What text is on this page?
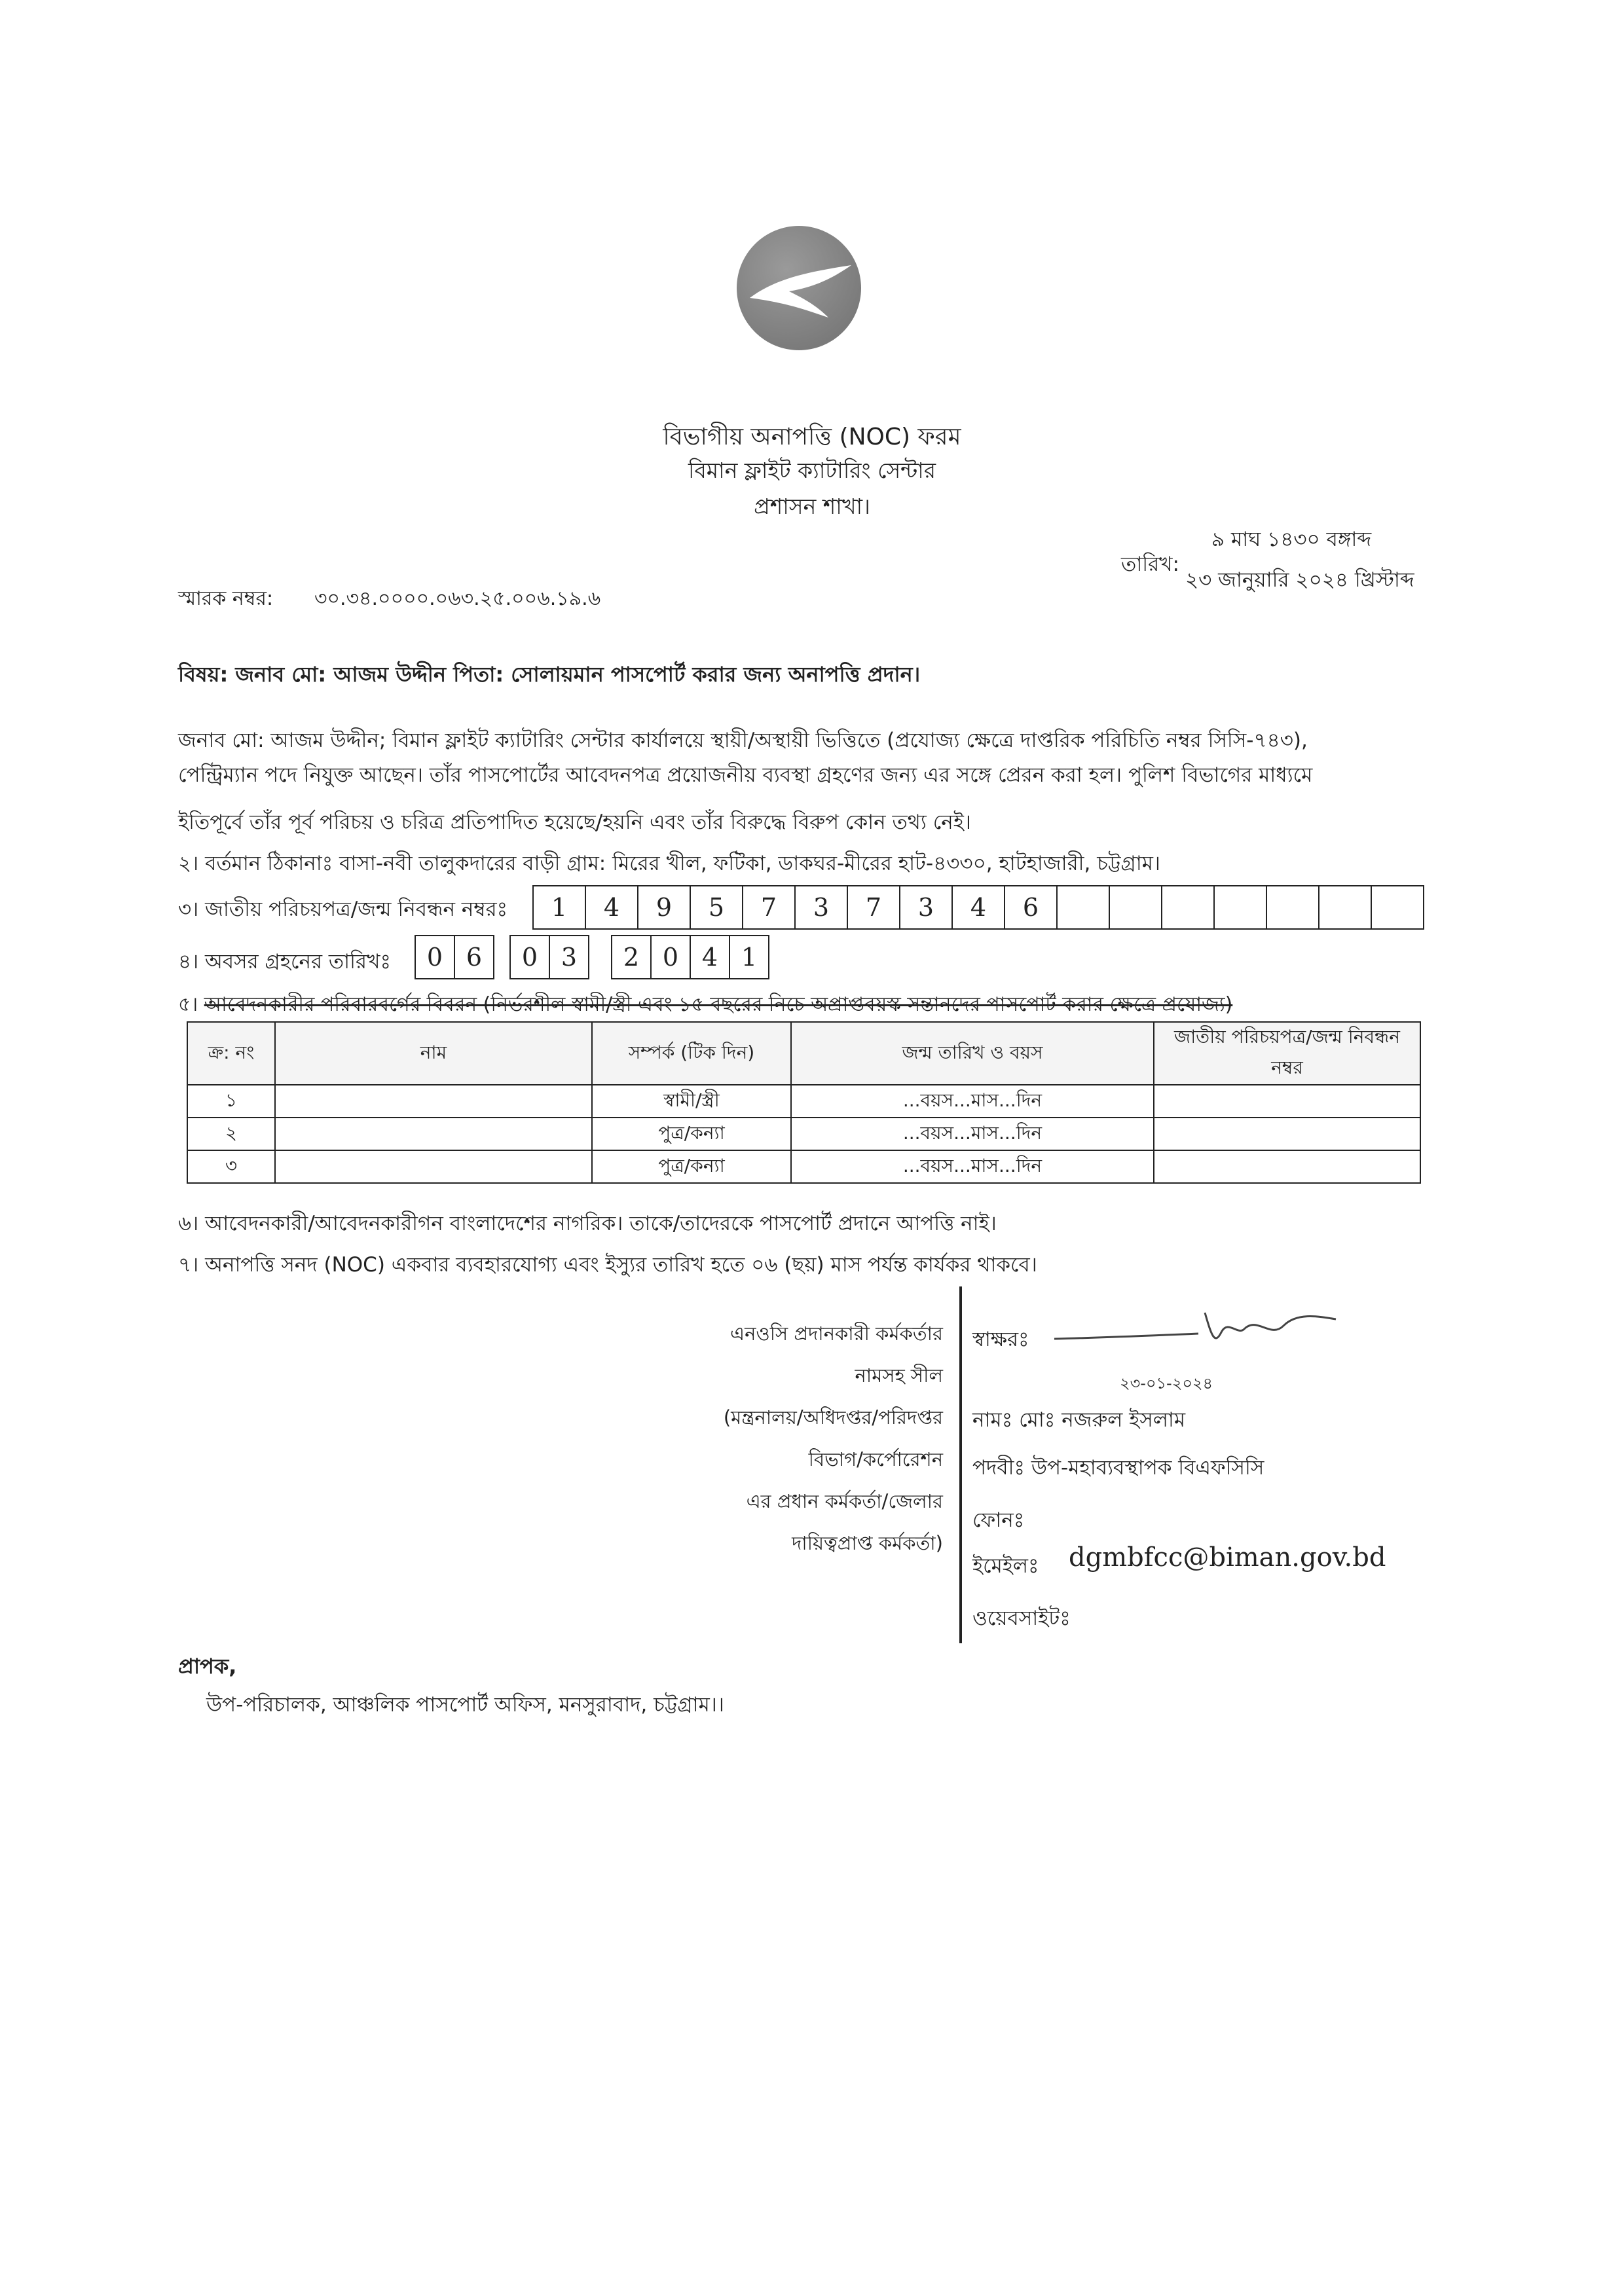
বিভাগীয় অনাপত্তি (NOC) ফরম
বিমান ফ্লাইট ক্যাটারিং সেন্টার
প্রশাসন শাখা।
৯ মাঘ ১৪৩০ বঙ্গাব্দ
তারিখ:
২৩ জানুয়ারি ২০২৪ খ্রিস্টাব্দ
স্মারক নম্বর: ৩০.৩৪.০০০০.০৬৩.২৫.০০৬.১৯.৬
বিষয়: জনাব মো: আজম উদ্দীন পিতা: সোলায়মান পাসপোর্ট করার জন্য অনাপত্তি প্রদান।
জনাব মো: আজম উদ্দীন; বিমান ফ্লাইট ক্যাটারিং সেন্টার কার্যালয়ে স্থায়ী/অস্থায়ী ভিত্তিতে (প্রযোজ্য ক্ষেত্রে দাপ্তরিক পরিচিতি নম্বর সিসি-৭৪৩),
পেন্ট্রিম্যান পদে নিযুক্ত আছেন। তাঁর পাসপোর্টের আবেদনপত্র প্রয়োজনীয় ব্যবস্থা গ্রহণের জন্য এর সঙ্গে প্রেরন করা হল। পুলিশ বিভাগের মাধ্যমে
ইতিপূর্বে তাঁর পূর্ব পরিচয় ও চরিত্র প্রতিপাদিত হয়েছে/হয়নি এবং তাঁর বিরুদ্ধে বিরুপ কোন তথ্য নেই।
২। বর্তমান ঠিকানাঃ বাসা-নবী তালুকদারের বাড়ী গ্রাম: মিরের খীল, ফটিকা, ডাকঘর-মীরের হাট-৪৩৩০, হাটহাজারী, চট্টগ্রাম।
৩। জাতীয় পরিচয়পত্র/জন্ম নিবন্ধন নম্বরঃ	1	4	9	5	7	3	7	3	4	6
৪। অবসর গ্রহনের তারিখঃ	0 6	0 3	2 0 4 1
৫। আবেদনকারীর পরিবারবর্গের বিবরন (নির্ভরশীল স্বামী/স্ত্রী এবং ১৫ বছরের নিচে অপ্রাপ্তবয়স্ক সন্তানদের পাসপোর্ট করার ক্ষেত্রে প্রযোজ্য)
ক্র: নং	নাম	সম্পর্ক (টিক দিন)	জন্ম তারিখ ও বয়স	জাতীয় পরিচয়পত্র/জন্ম নিবন্ধন নম্বর
১		স্বামী/স্ত্রী	...বয়স...মাস...দিন	
২		পুত্র/কন্যা	...বয়স...মাস...দিন	
৩		পুত্র/কন্যা	...বয়স...মাস...দিন	
৬। আবেদনকারী/আবেদনকারীগন বাংলাদেশের নাগরিক। তাকে/তাদেরকে পাসপোর্ট প্রদানে আপত্তি নাই।
৭। অনাপত্তি সনদ (NOC) একবার ব্যবহারযোগ্য এবং ইস্যুর তারিখ হতে ০৬ (ছয়) মাস পর্যন্ত কার্যকর থাকবে।
এনওসি প্রদানকারী কর্মকর্তার
নামসহ সীল
(মন্ত্রনালয়/অধিদপ্তর/পরিদপ্তর
বিভাগ/কর্পোরেশন
এর প্রধান কর্মকর্তা/জেলার
দায়িত্বপ্রাপ্ত কর্মকর্তা)
স্বাক্ষরঃ
২৩-০১-২০২৪
নামঃ মোঃ নজরুল ইসলাম
পদবীঃ উপ-মহাব্যবস্থাপক বিএফসিসি
ফোনঃ
ইমেইলঃ dgmbfcc@biman.gov.bd
ওয়েবসাইটঃ
প্রাপক,
উপ-পরিচালক, আঞ্চলিক পাসপোর্ট অফিস, মনসুরাবাদ, চট্টগ্রাম।।
